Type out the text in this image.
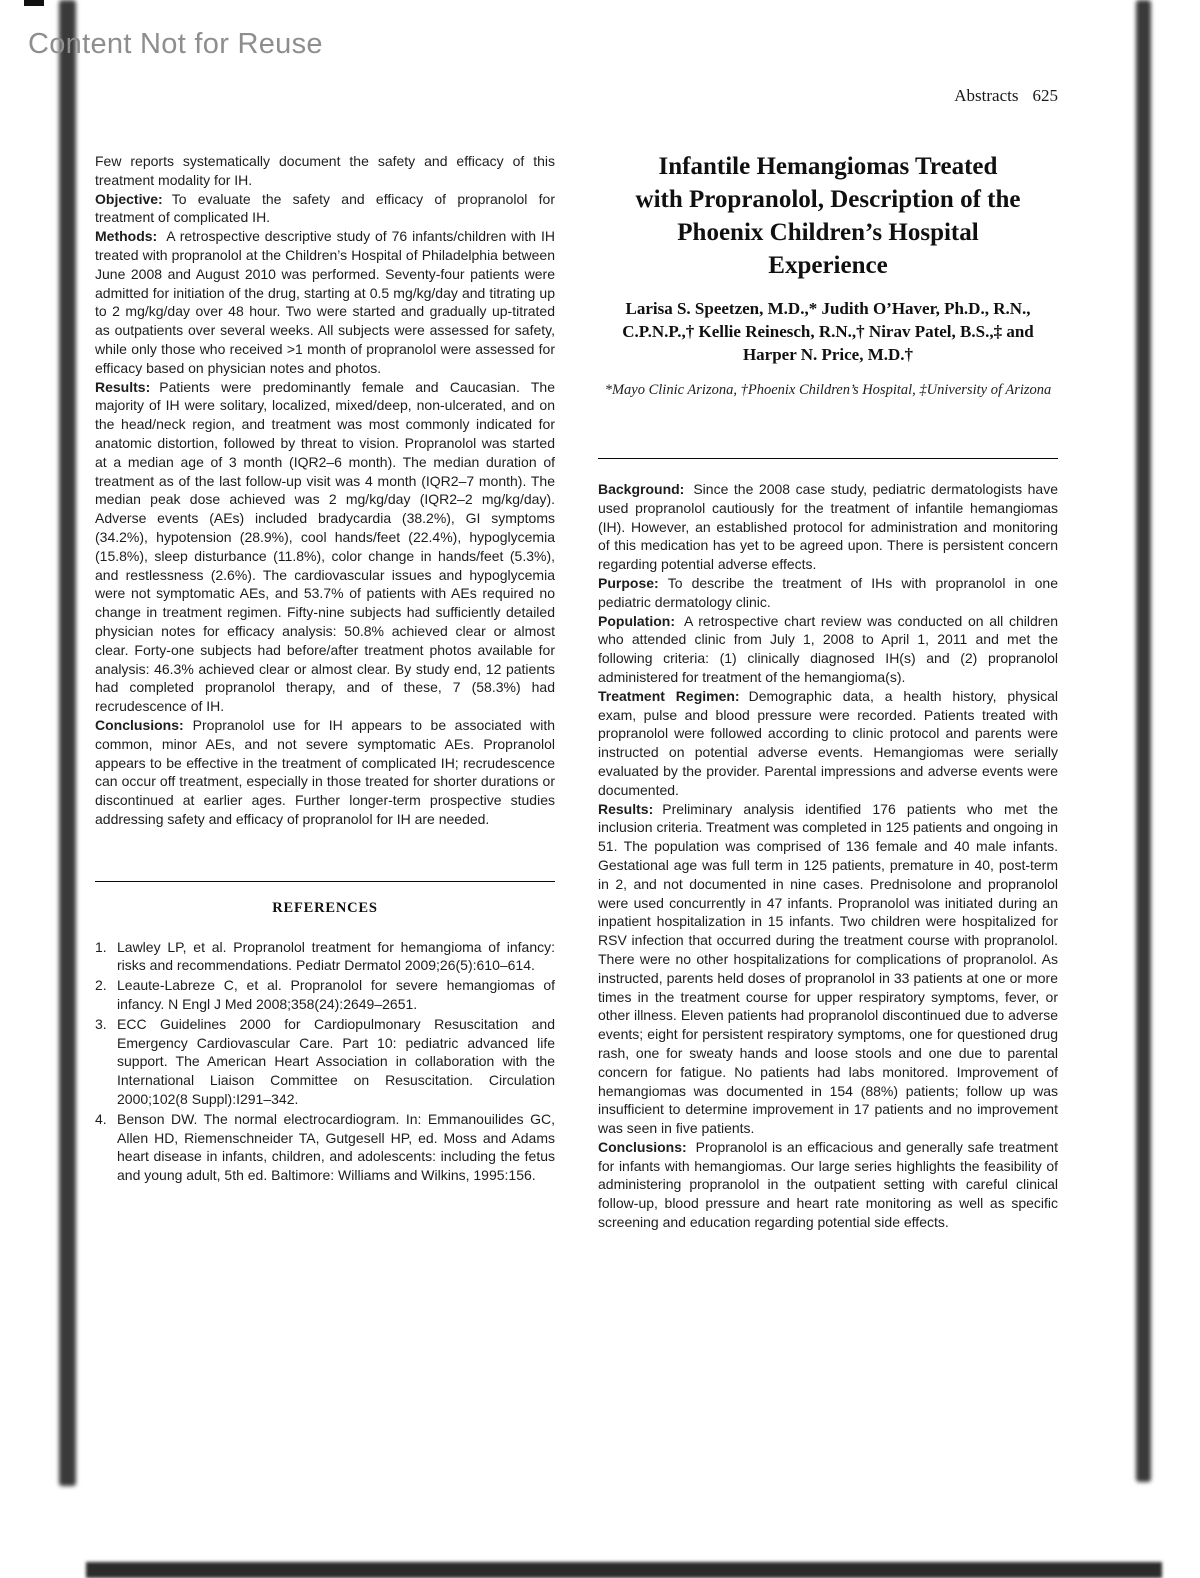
Content Not for Reuse
Abstracts 625

Few reports systematically document the safety and efficacy of this treatment modality for IH.

Objective: To evaluate the safety and efficacy of propranolol for treatment of complicated IH.

Methods: A retrospective descriptive study of 76 infants/children with IH treated with propranolol at the Children’s Hospital of Philadelphia between June 2008 and August 2010 was performed. Seventy-four patients were admitted for initiation of the drug, starting at 0.5 mg/kg/day and titrating up to 2 mg/kg/day over 48 hour. Two were started and gradually up-titrated as outpatients over several weeks. All subjects were assessed for safety, while only those who received >1 month of propranolol were assessed for efficacy based on physician notes and photos.

Results: Patients were predominantly female and Caucasian. The majority of IH were solitary, localized, mixed/deep, non-ulcerated, and on the head/neck region, and treatment was most commonly indicated for anatomic distortion, followed by threat to vision. Propranolol was started at a median age of 3 month (IQR2–6 month). The median duration of treatment as of the last follow-up visit was 4 month (IQR2–7 month). The median peak dose achieved was 2 mg/kg/day (IQR2–2 mg/kg/day). Adverse events (AEs) included bradycardia (38.2%), GI symptoms (34.2%), hypotension (28.9%), cool hands/feet (22.4%), hypoglycemia (15.8%), sleep disturbance (11.8%), color change in hands/feet (5.3%), and restlessness (2.6%). The cardiovascular issues and hypoglycemia were not symptomatic AEs, and 53.7% of patients with AEs required no change in treatment regimen. Fifty-nine subjects had sufficiently detailed physician notes for efficacy analysis: 50.8% achieved clear or almost clear. Forty-one subjects had before/after treatment photos available for analysis: 46.3% achieved clear or almost clear. By study end, 12 patients had completed propranolol therapy, and of these, 7 (58.3%) had recrudescence of IH.

Conclusions: Propranolol use for IH appears to be associated with common, minor AEs, and not severe symptomatic AEs. Propranolol appears to be effective in the treatment of complicated IH; recrudescence can occur off treatment, especially in those treated for shorter durations or discontinued at earlier ages. Further longer-term prospective studies addressing safety and efficacy of propranolol for IH are needed.

REFERENCES
1. Lawley LP, et al. Propranolol treatment for hemangioma of infancy: risks and recommendations. Pediatr Dermatol 2009;26(5):610–614.
2. Leaute-Labreze C, et al. Propranolol for severe hemangiomas of infancy. N Engl J Med 2008;358(24):2649–2651.
3. ECC Guidelines 2000 for Cardiopulmonary Resuscitation and Emergency Cardiovascular Care. Part 10: pediatric advanced life support. The American Heart Association in collaboration with the International Liaison Committee on Resuscitation. Circulation 2000;102(8 Suppl):I291–342.
4. Benson DW. The normal electrocardiogram. In: Emmanouilides GC, Allen HD, Riemenschneider TA, Gutgesell HP, ed. Moss and Adams heart disease in infants, children, and adolescents: including the fetus and young adult, 5th ed. Baltimore: Williams and Wilkins, 1995:156.
Infantile Hemangiomas Treated
with Propranolol, Description of the
Phoenix Children’s Hospital
Experience
Larisa S. Speetzen, M.D.,* Judith O’Haver, Ph.D., R.N., C.P.N.P.,† Kellie Reinesch, R.N.,† Nirav Patel, B.S.,‡ and Harper N. Price, M.D.†
*Mayo Clinic Arizona, †Phoenix Children’s Hospital, ‡University of Arizona

Background: Since the 2008 case study, pediatric dermatologists have used propranolol cautiously for the treatment of infantile hemangiomas (IH). However, an established protocol for administration and monitoring of this medication has yet to be agreed upon. There is persistent concern regarding potential adverse effects.

Purpose: To describe the treatment of IHs with propranolol in one pediatric dermatology clinic.

Population: A retrospective chart review was conducted on all children who attended clinic from July 1, 2008 to April 1, 2011 and met the following criteria: (1) clinically diagnosed IH(s) and (2) propranolol administered for treatment of the hemangioma(s).

Treatment Regimen: Demographic data, a health history, physical exam, pulse and blood pressure were recorded. Patients treated with propranolol were followed according to clinic protocol and parents were instructed on potential adverse events. Hemangiomas were serially evaluated by the provider. Parental impressions and adverse events were documented.

Results: Preliminary analysis identified 176 patients who met the inclusion criteria. Treatment was completed in 125 patients and ongoing in 51. The population was comprised of 136 female and 40 male infants. Gestational age was full term in 125 patients, premature in 40, post-term in 2, and not documented in nine cases. Prednisolone and propranolol were used concurrently in 47 infants. Propranolol was initiated during an inpatient hospitalization in 15 infants. Two children were hospitalized for RSV infection that occurred during the treatment course with propranolol. There were no other hospitalizations for complications of propranolol. As instructed, parents held doses of propranolol in 33 patients at one or more times in the treatment course for upper respiratory symptoms, fever, or other illness. Eleven patients had propranolol discontinued due to adverse events; eight for persistent respiratory symptoms, one for questioned drug rash, one for sweaty hands and loose stools and one due to parental concern for fatigue. No patients had labs monitored. Improvement of hemangiomas was documented in 154 (88%) patients; follow up was insufficient to determine improvement in 17 patients and no improvement was seen in five patients.

Conclusions: Propranolol is an efficacious and generally safe treatment for infants with hemangiomas. Our large series highlights the feasibility of administering propranolol in the outpatient setting with careful clinical follow-up, blood pressure and heart rate monitoring as well as specific screening and education regarding potential side effects.
